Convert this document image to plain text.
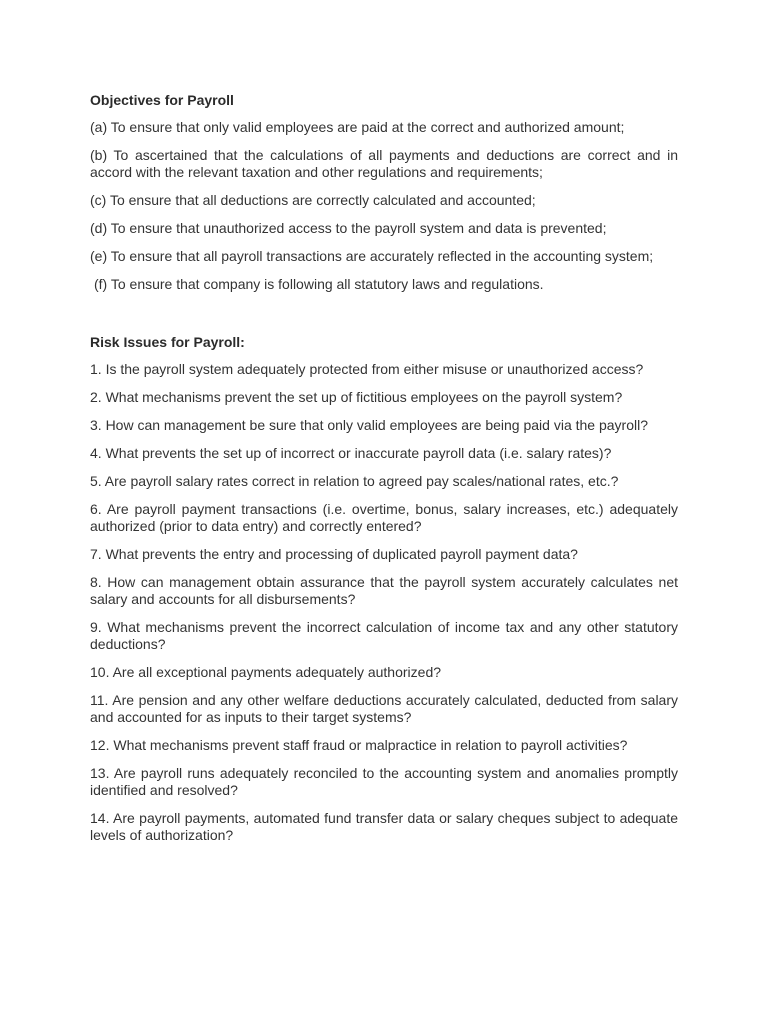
Objectives for Payroll
(a) To ensure that only valid employees are paid at the correct and authorized amount;
(b) To ascertained that the calculations of all payments and deductions are correct and in accord with the relevant taxation and other regulations and requirements;
(c) To ensure that all deductions are correctly calculated and accounted;
(d) To ensure that unauthorized access to the payroll system and data is prevented;
(e) To ensure that all payroll transactions are accurately reflected in the accounting system;
(f) To ensure that company is following all statutory laws and regulations.
Risk Issues for Payroll:
1. Is the payroll system adequately protected from either misuse or unauthorized access?
2. What mechanisms prevent the set up of fictitious employees on the payroll system?
3. How can management be sure that only valid employees are being paid via the payroll?
4. What prevents the set up of incorrect or inaccurate payroll data (i.e. salary rates)?
5. Are payroll salary rates correct in relation to agreed pay scales/national rates, etc.?
6. Are payroll payment transactions (i.e. overtime, bonus, salary increases, etc.) adequately authorized (prior to data entry) and correctly entered?
7. What prevents the entry and processing of duplicated payroll payment data?
8. How can management obtain assurance that the payroll system accurately calculates net salary and accounts for all disbursements?
9. What mechanisms prevent the incorrect calculation of income tax and any other statutory deductions?
10. Are all exceptional payments adequately authorized?
11. Are pension and any other welfare deductions accurately calculated, deducted from salary and accounted for as inputs to their target systems?
12. What mechanisms prevent staff fraud or malpractice in relation to payroll activities?
13. Are payroll runs adequately reconciled to the accounting system and anomalies promptly identified and resolved?
14. Are payroll payments, automated fund transfer data or salary cheques subject to adequate levels of authorization?
